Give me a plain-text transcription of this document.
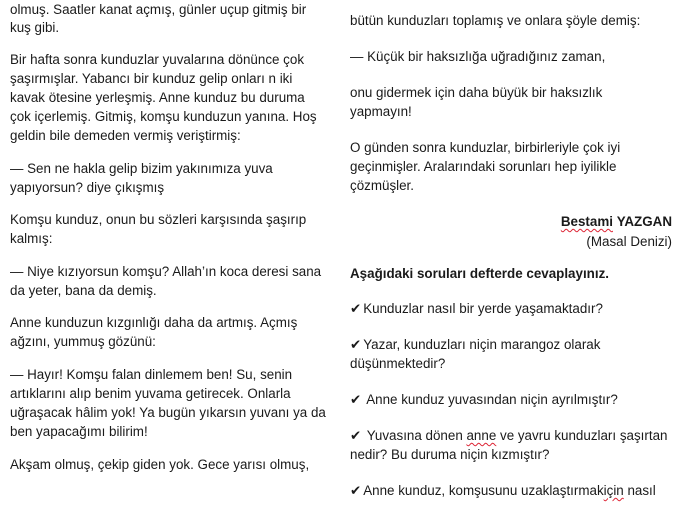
olmuş. Saatler kanat açmış, günler uçup gitmiş bir
kuş gibi.
Bir hafta sonra kunduzlar yuvalarına dönünce çok
şaşırmışlar. Yabancı bir kunduz gelip onları n iki
kavak ötesine yerleşmiş. Anne kunduz bu duruma
çok içerlemiş. Gitmiş, komşu kunduzun yanına. Hoş
geldin bile demeden vermiş veriştirmiş:
— Sen ne hakla gelip bizim yakınımıza yuva
yapıyorsun? diye çıkışmış
Komşu kunduz, onun bu sözleri karşısında şaşırıp
kalmış:
— Niye kızıyorsun komşu? Allah’ın koca deresi sana
da yeter, bana da demiş.
Anne kunduzun kızgınlığı daha da artmış. Açmış
ağzını, yummuş gözünü:
— Hayır! Komşu falan dinlemem ben! Su, senin
artıklarını alıp benim yuvama getirecek. Onlarla
uğraşacak hâlim yok! Ya bugün yıkarsın yuvanı ya da
ben yapacağımı bilirim!
Akşam olmuş, çekip giden yok. Gece yarısı olmuş,
bütün kunduzları toplamış ve onlara şöyle demiş:
— Küçük bir haksızlığa uğradığınız zaman,
onu gidermek için daha büyük bir haksızlık
yapmayın!
O günden sonra kunduzlar, birbirleriyle çok iyi
geçinmişler. Aralarındaki sorunları hep iyilikle
çözmüşler.
Bestami YAZGAN
(Masal Denizi)
Aşağıdaki soruları defterde cevaplayınız.
✔ Kunduzlar nasıl bir yerde yaşamaktadır?
✔ Yazar, kunduzları niçin marangoz olarak
düşünmektedir?
✔ Anne kunduz yuvasından niçin ayrılmıştır?
✔ Yuvasına dönen anne ve yavru kunduzları şaşırtan
nedir? Bu duruma niçin kızmıştır?
✔ Anne kunduz, komşusunu uzaklaştırmakiçin nasıl
